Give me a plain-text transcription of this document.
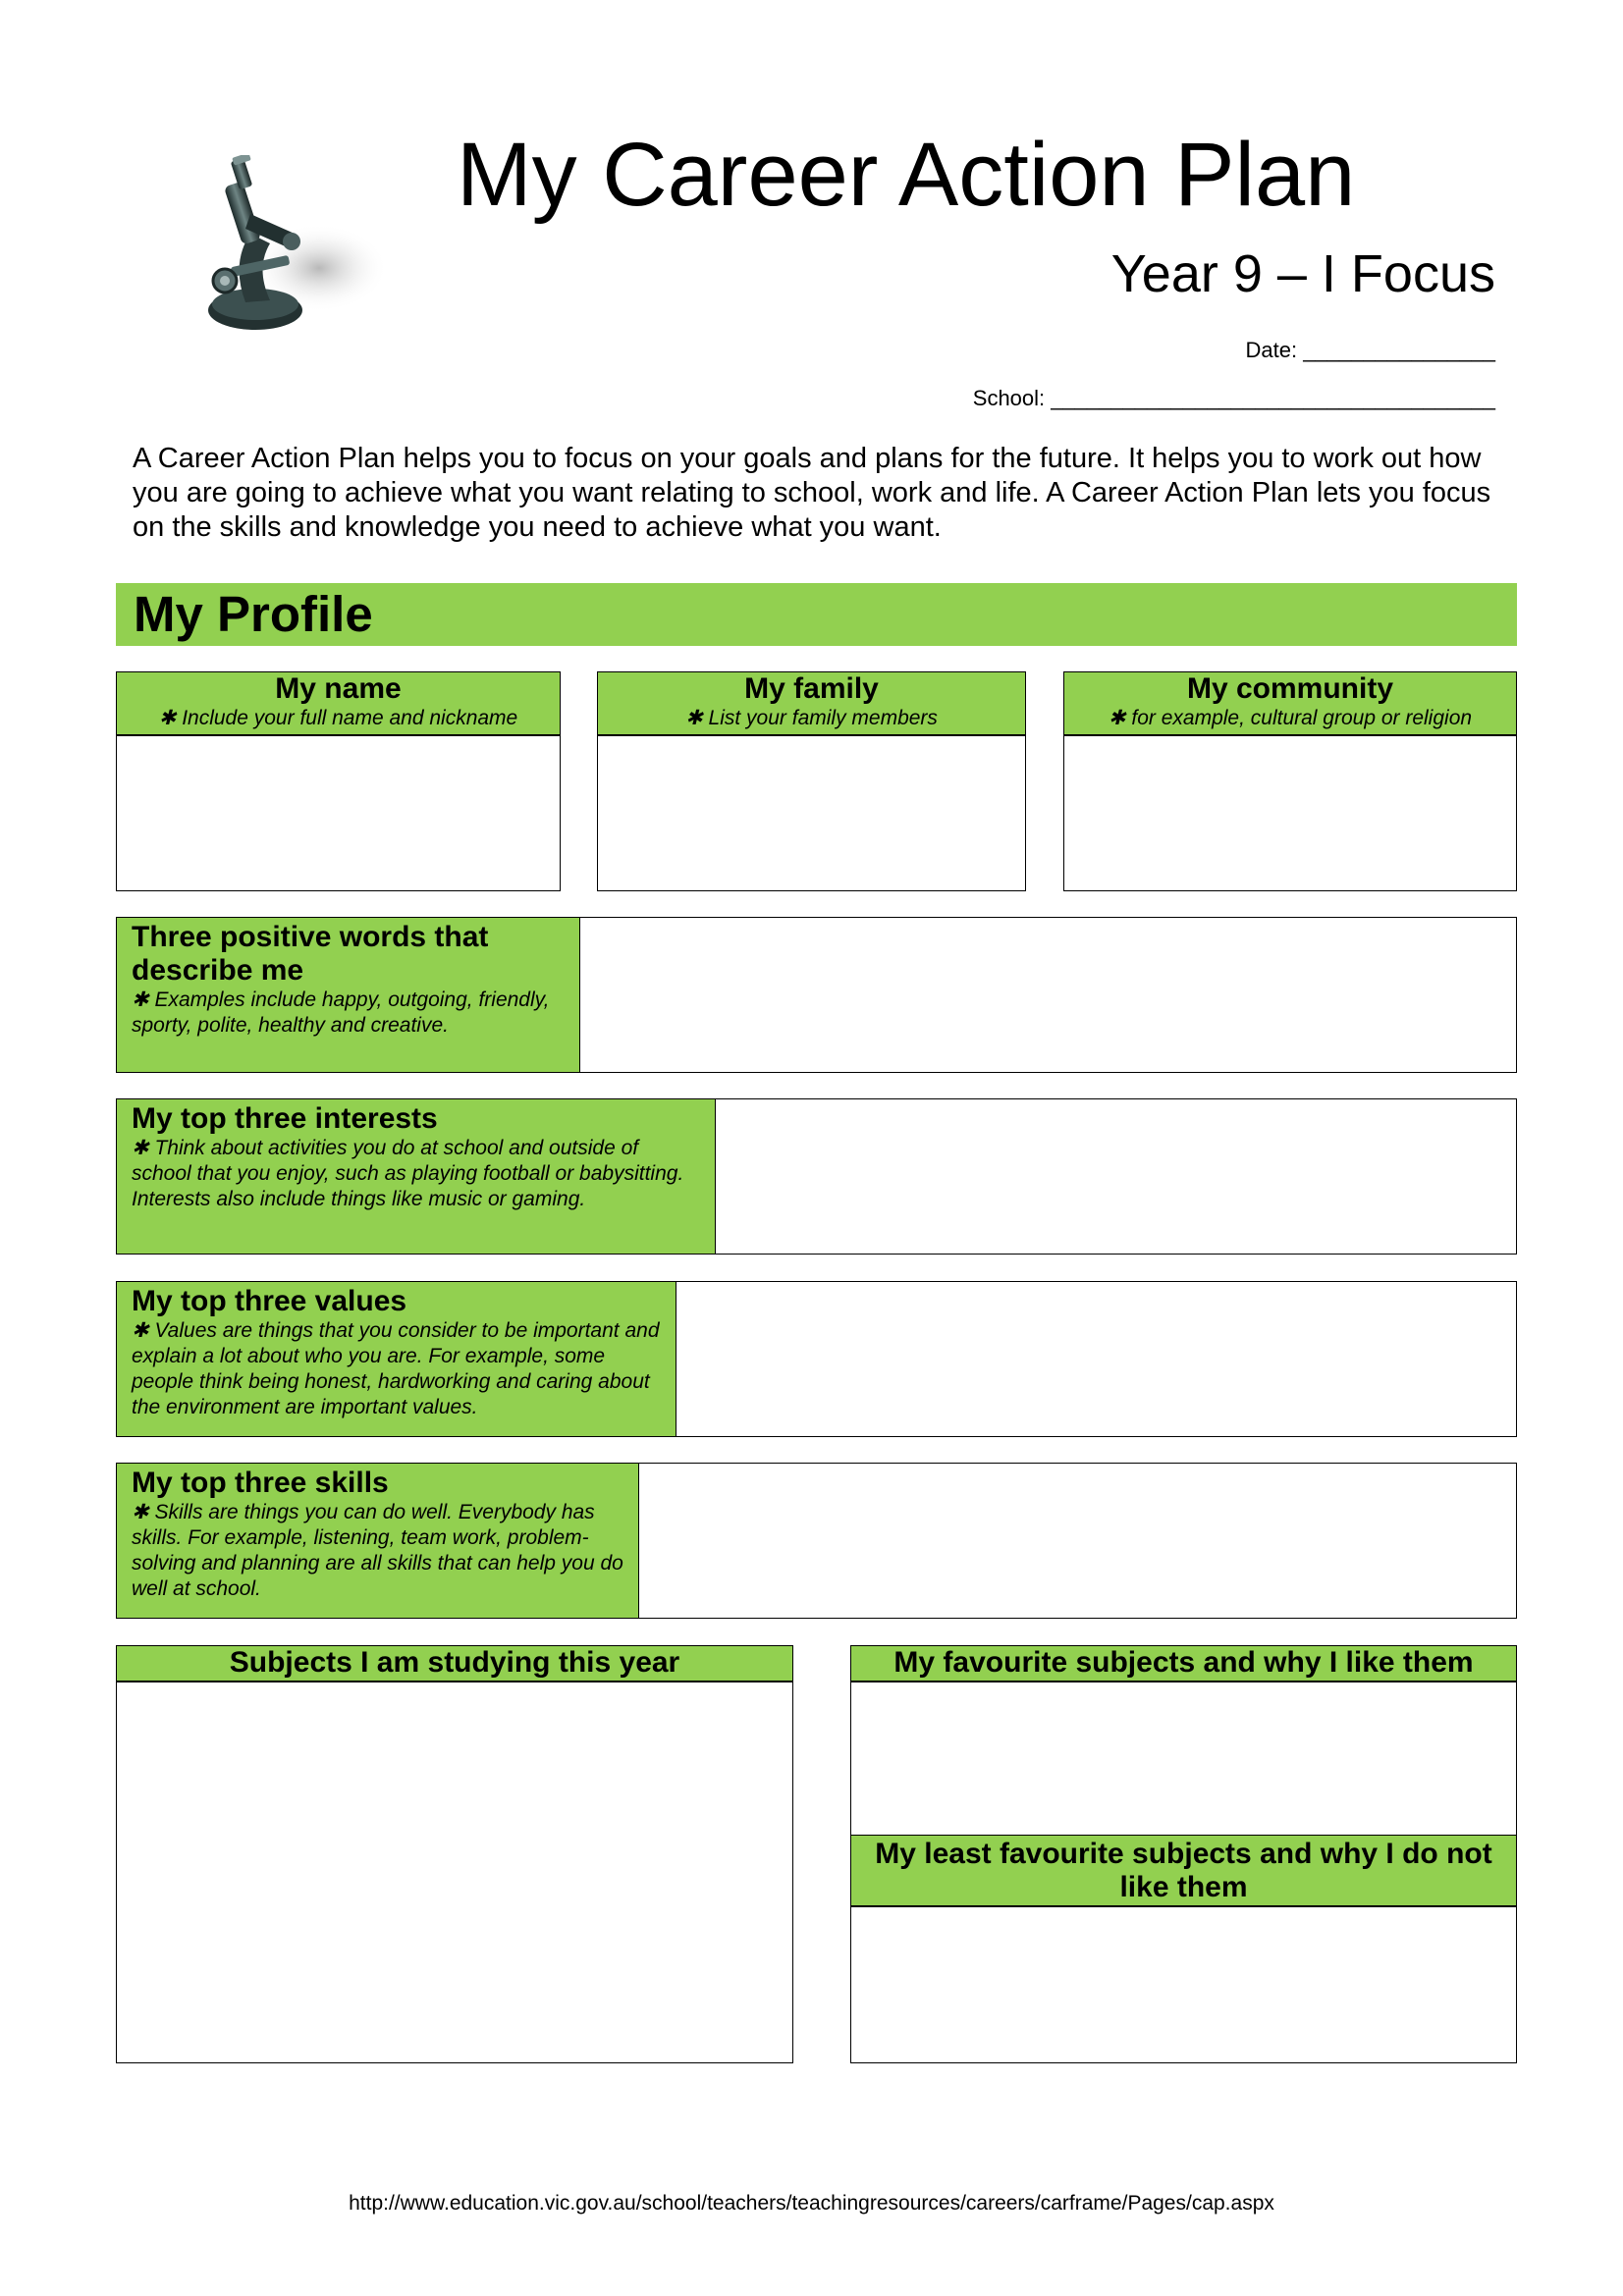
My Career Action Plan
Year 9 – I Focus
Date: ________________
School: _____________________________________
A Career Action Plan helps you to focus on your goals and plans for the future. It helps you to work out how you are going to achieve what you want relating to school, work and life. A Career Action Plan lets you focus on the skills and knowledge you need to achieve what you want.
My Profile
My name
✱ Include your full name and nickname
My family
✱ List your family members
My community
✱ for example, cultural group or religion
Three positive words that describe me
✱ Examples include happy, outgoing, friendly, sporty, polite, healthy and creative.
My top three interests
✱ Think about activities you do at school and outside of school that you enjoy, such as playing football or babysitting. Interests also include things like music or gaming.
My top three values
✱ Values are things that you consider to be important and explain a lot about who you are. For example, some people think being honest, hardworking and caring about the environment are important values.
My top three skills
✱ Skills are things you can do well. Everybody has skills. For example, listening, team work, problem-solving and planning are all skills that can help you do well at school.
Subjects I am studying this year	My favourite subjects and why I like them
My least favourite subjects and why I do not like them
http://www.education.vic.gov.au/school/teachers/teachingresources/careers/carframe/Pages/cap.aspx
